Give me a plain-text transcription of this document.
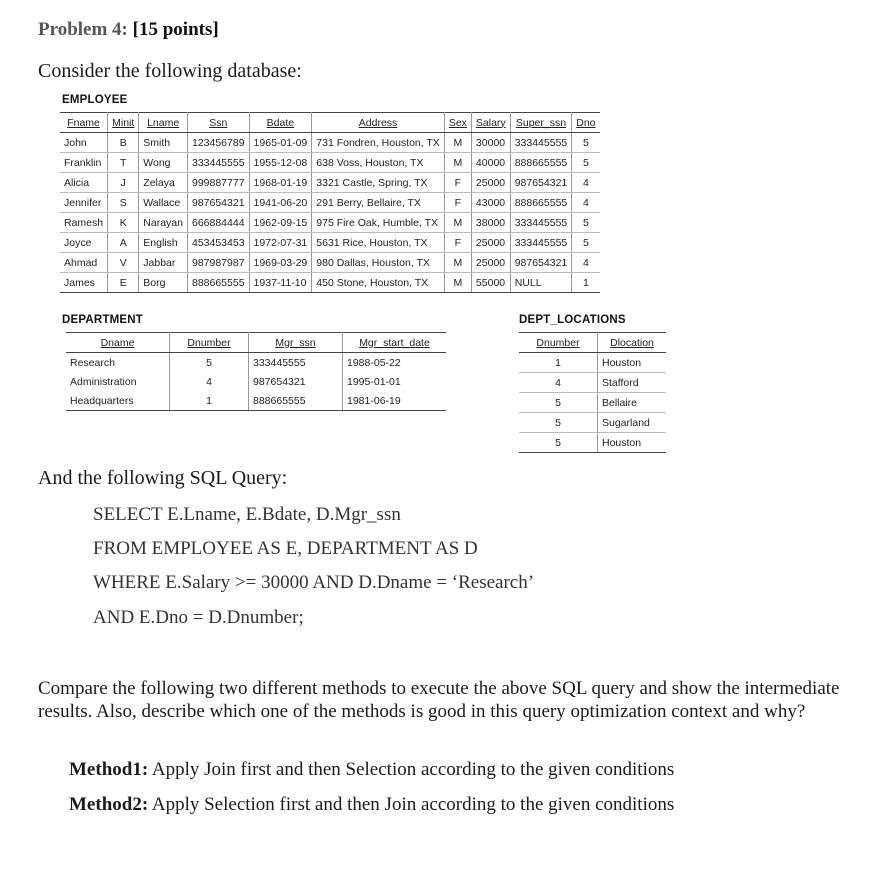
Problem 4: [15 points]
Consider the following database:
EMPLOYEE
Fname	Minit	Lname	Ssn	Bdate	Address	Sex	Salary	Super_ssn	Dno
John	B	Smith	123456789	1965-01-09	731 Fondren, Houston, TX	M	30000	333445555	5
Franklin	T	Wong	333445555	1955-12-08	638 Voss, Houston, TX	M	40000	888665555	5
Alicia	J	Zelaya	999887777	1968-01-19	3321 Castle, Spring, TX	F	25000	987654321	4
Jennifer	S	Wallace	987654321	1941-06-20	291 Berry, Bellaire, TX	F	43000	888665555	4
Ramesh	K	Narayan	666884444	1962-09-15	975 Fire Oak, Humble, TX	M	38000	333445555	5
Joyce	A	English	453453453	1972-07-31	5631 Rice, Houston, TX	F	25000	333445555	5
Ahmad	V	Jabbar	987987987	1969-03-29	980 Dallas, Houston, TX	M	25000	987654321	4
James	E	Borg	888665555	1937-11-10	450 Stone, Houston, TX	M	55000	NULL	1
DEPARTMENT
Dname	Dnumber	Mgr_ssn	Mgr_start_date
Research	5	333445555	1988-05-22
Administration	4	987654321	1995-01-01
Headquarters	1	888665555	1981-06-19
DEPT_LOCATIONS
Dnumber	Dlocation
1	Houston
4	Stafford
5	Bellaire
5	Sugarland
5	Houston
And the following SQL Query:
SELECT E.Lname, E.Bdate, D.Mgr_ssn
FROM EMPLOYEE AS E, DEPARTMENT AS D
WHERE E.Salary >= 30000 AND D.Dname = ‘Research’
AND E.Dno = D.Dnumber;
Compare the following two different methods to execute the above SQL query and show the intermediate results. Also, describe which one of the methods is good in this query optimization context and why?
Method1: Apply Join first and then Selection according to the given conditions
Method2: Apply Selection first and then Join according to the given conditions
